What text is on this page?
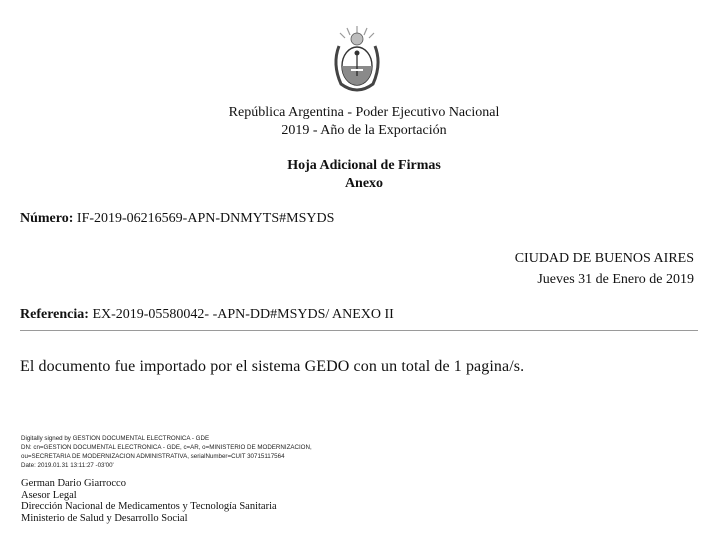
República Argentina - Poder Ejecutivo Nacional
2019 - Año de la Exportación
Hoja Adicional de Firmas
Anexo
Número: IF-2019-06216569-APN-DNMYTS#MSYDS
CIUDAD DE BUENOS AIRES
Jueves 31 de Enero de 2019
Referencia: EX-2019-05580042- -APN-DD#MSYDS/ ANEXO II
El documento fue importado por el sistema GEDO con un total de 1 pagina/s.
Digitally signed by GESTION DOCUMENTAL ELECTRONICA - GDE
DN: cn=GESTION DOCUMENTAL ELECTRONICA - GDE, c=AR, o=MINISTERIO DE MODERNIZACION,
ou=SECRETARIA DE MODERNIZACION ADMINISTRATIVA, serialNumber=CUIT 30715117564
Date: 2019.01.31 13:11:27 -03'00'
German Dario Giarrocco
Asesor Legal
Dirección Nacional de Medicamentos y Tecnología Sanitaria
Ministerio de Salud y Desarrollo Social
